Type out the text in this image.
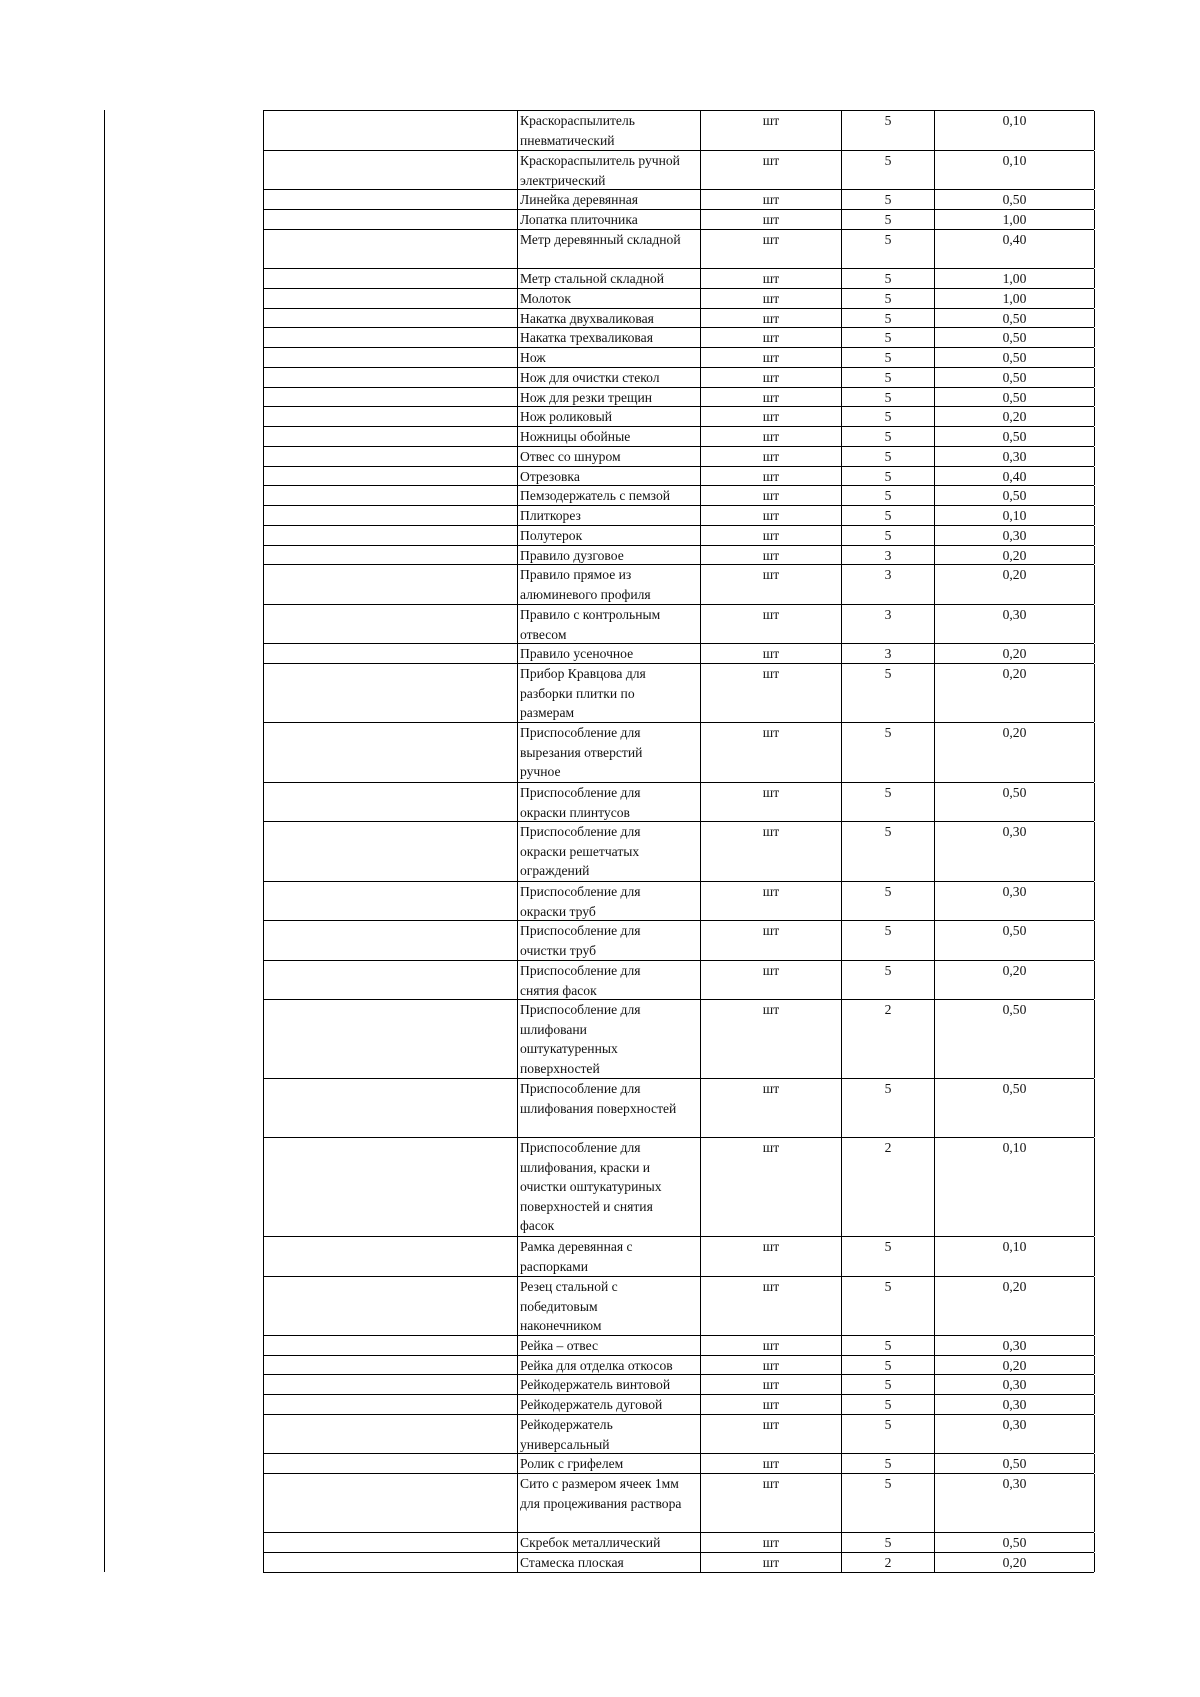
Краскораспылитель
пневматический
шт	5	0,10
Краскораспылитель ручной
электрический
шт	5	0,10
Линейка деревянная	шт	5	0,50
Лопатка плиточника	шт	5	1,00
Метр деревянный складной	шт	5	0,40
Метр стальной складной	шт	5	1,00
Молоток	шт	5	1,00
Накатка двухваликовая	шт	5	0,50
Накатка трехваликовая	шт	5	0,50
Нож	шт	5	0,50
Нож для очистки стекол	шт	5	0,50
Нож для резки трещин	шт	5	0,50
Нож роликовый	шт	5	0,20
Ножницы обойные	шт	5	0,50
Отвес со шнуром	шт	5	0,30
Отрезовка	шт	5	0,40
Пемзодержатель с пемзой	шт	5	0,50
Плиткорез	шт	5	0,10
Полутерок	шт	5	0,30
Правило дузговое	шт	3	0,20
Правило прямое из
алюминевого профиля
шт	3	0,20
Правило с контрольным
отвесом
шт	3	0,30
Правило усеночное	шт	3	0,20
Прибор Кравцова для
разборки плитки по
размерам
шт	5	0,20
Приспособление для
вырезания отверстий
ручное
шт	5	0,20
Приспособление для
окраски плинтусов
шт	5	0,50
Приспособление для
окраски решетчатых
ограждений
шт	5	0,30
Приспособление для
окраски труб
шт	5	0,30
Приспособление для
очистки труб
шт	5	0,50
Приспособление для
снятия фасок
шт	5	0,20
Приспособление для
шлифовани
оштукатуренных
поверхностей
шт	2	0,50
Приспособление для
шлифования поверхностей
шт	5	0,50
Приспособление для
шлифования, краски и
очистки оштукатуриных
поверхностей и снятия
фасок
шт	2	0,10
Рамка деревянная с
распорками
шт	5	0,10
Резец стальной с
победитовым
наконечником
шт	5	0,20
Рейка – отвес	шт	5	0,30
Рейка для отделка откосов	шт	5	0,20
Рейкодержатель винтовой	шт	5	0,30
Рейкодержатель дуговой	шт	5	0,30
Рейкодержатель
универсальный
шт	5	0,30
Ролик с грифелем	шт	5	0,50
Сито с размером ячеек 1мм
для процеживания раствора
шт	5	0,30
Скребок металлический	шт	5	0,50
Стамеска плоская	шт	2	0,20
